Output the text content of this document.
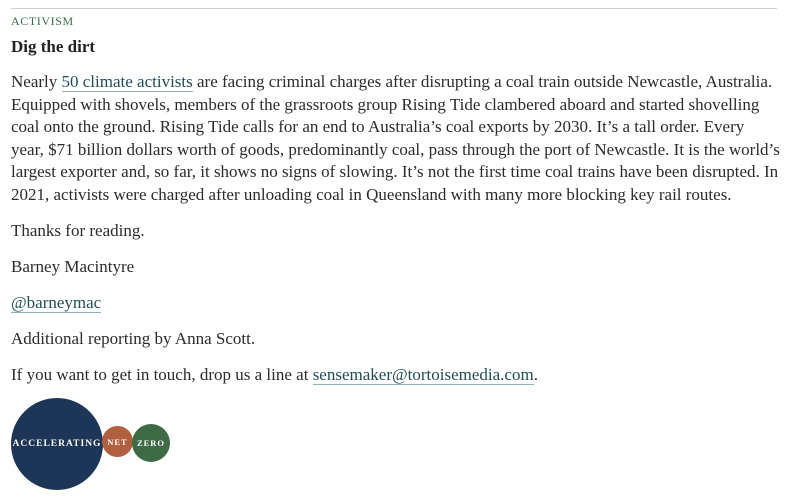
ACTIVISM
Dig the dirt

Nearly 50 climate activists are facing criminal charges after disrupting a coal train outside Newcastle, Australia. Equipped with shovels, members of the grassroots group Rising Tide clambered aboard and started shovelling coal onto the ground. Rising Tide calls for an end to Australia’s coal exports by 2030. It’s a tall order. Every year, $71 billion dollars worth of goods, predominantly coal, pass through the port of Newcastle. It is the world’s largest exporter and, so far, it shows no signs of slowing. It’s not the first time coal trains have been disrupted. In 2021, activists were charged after unloading coal in Queensland with many more blocking key rail routes.

Thanks for reading.

Barney Macintyre

@barneymac

Additional reporting by Anna Scott.

If you want to get in touch, drop us a line at sensemaker@tortoisemedia.com.

ACCELERATING NET ZERO
